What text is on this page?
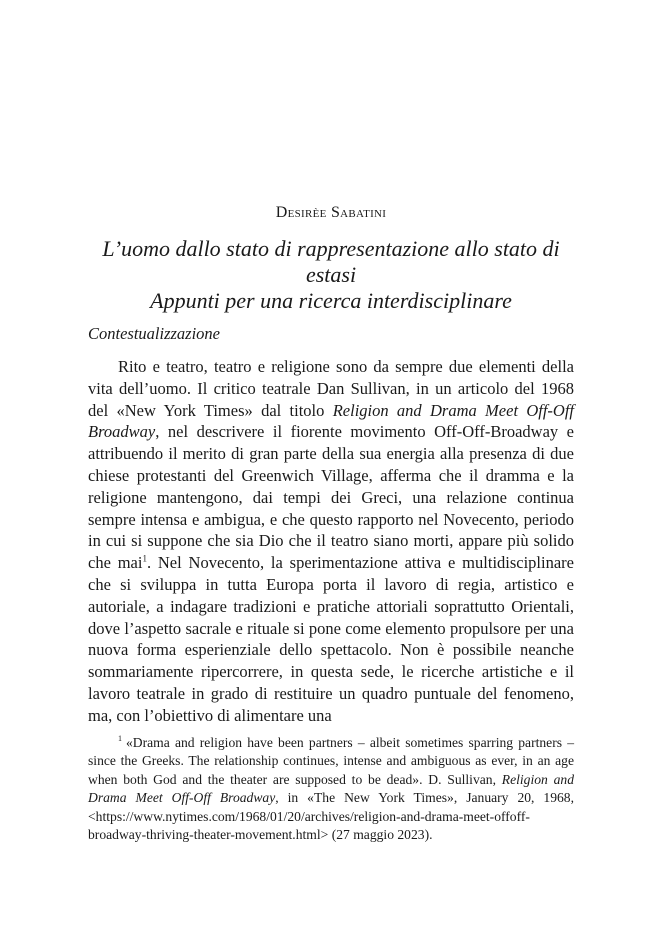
Desirèe Sabatini
L’uomo dallo stato di rappresentazione allo stato di estasi
Appunti per una ricerca interdisciplinare
Contestualizzazione

Rito e teatro, teatro e religione sono da sempre due elementi della vita dell’uomo. Il critico teatrale Dan Sullivan, in un articolo del 1968 del «New York Times» dal titolo Religion and Drama Meet Off-Off Broadway, nel descrivere il fiorente movimento Off-Off-Broadway e attribuendo il merito di gran parte della sua energia alla presenza di due chiese protestanti del Greenwich Village, afferma che il dramma e la religione mantengono, dai tempi dei Greci, una relazione continua sempre intensa e ambigua, e che questo rapporto nel Novecento, periodo in cui si suppone che sia Dio che il teatro siano morti, appare più solido che mai$^1$. Nel Novecento, la sperimentazione attiva e multidisciplinare che si sviluppa in tutta Europa porta il lavoro di regia, artistico e autoriale, a indagare tradizioni e pratiche attoriali soprattutto Orientali, dove l’aspetto sacrale e rituale si pone come elemento propulsore per una nuova forma esperienziale dello spettacolo. Non è possibile neanche sommariamente ripercorrere, in questa sede, le ricerche artistiche e il lavoro teatrale in grado di restituire un quadro puntuale del fenomeno, ma, con l’obiettivo di alimentare una

$^1$ «Drama and religion have been partners – albeit sometimes sparring partners – since the Greeks. The relationship continues, intense and ambiguous as ever, in an age when both God and the theater are supposed to be dead». D. Sullivan, Religion and Drama Meet Off-Off Broadway, in «The New York Times», January 20, 1968, <https://www.nytimes.com/1968/01/20/archives/religion-and-drama-meet-offoff-broadway-thriving-theater-movement.html> (27 maggio 2023).
